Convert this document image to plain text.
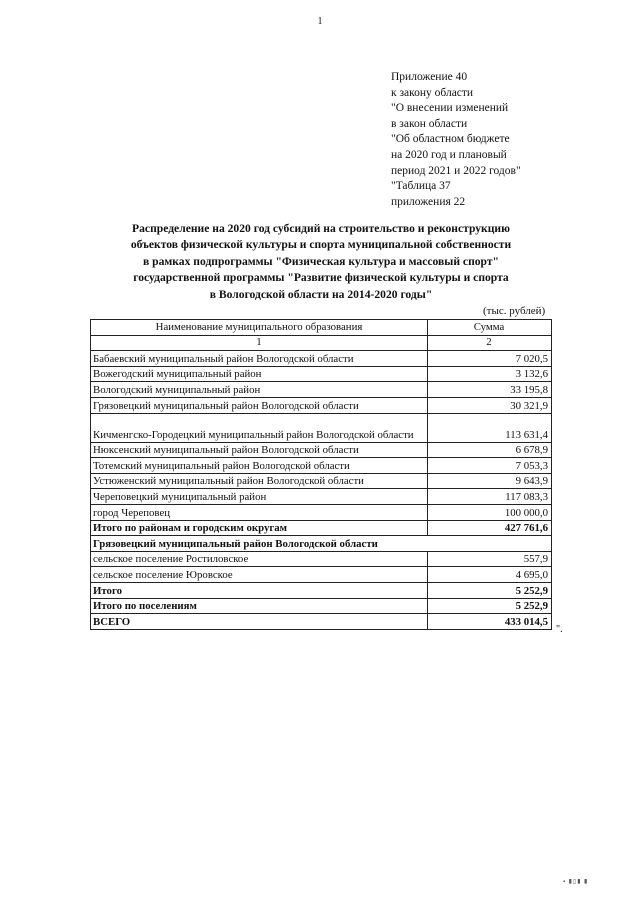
1
Приложение 40
к закону области
"О внесении изменений
в закон области
"Об областном бюджете
на 2020 год и плановый
период 2021 и 2022 годов"
"Таблица 37
приложения 22
Распределение на 2020 год субсидий на строительство и реконструкцию
объектов физической культуры и спорта муниципальной собственности
в рамках подпрограммы "Физическая культура и массовый спорт"
государственной программы "Развитие физической культуры и спорта
в Вологодской области на 2014-2020 годы"
(тыс. рублей)
Наименование муниципального образования	Сумма
1	2
Бабаевский муниципальный район Вологодской области	7 020,5
Вожегодский муниципальный район	3 132,6
Вологодский муниципальный район	33 195,8
Грязовецкий муниципальный район Вологодской области	30 321,9
Кичменгско-Городецкий муниципальный район Вологодской области	113 631,4
Нюксенский муниципальный район Вологодской области	6 678,9
Тотемский муниципальный район Вологодской области	7 053,3
Устюженский муниципальный район Вологодской области	9 643,9
Череповецкий муниципальный район	117 083,3
город Череповец	100 000,0
Итого по районам и городским округам	427 761,6
Грязовецкий муниципальный район Вологодской области	
сельское поселение Ростиловское	557,9
сельское поселение Юровское	4 695,0
Итого	5 252,9
Итого по поселениям	5 252,9
ВСЕГО	433 014,5
".
▪ ▮▯▮ ▮
